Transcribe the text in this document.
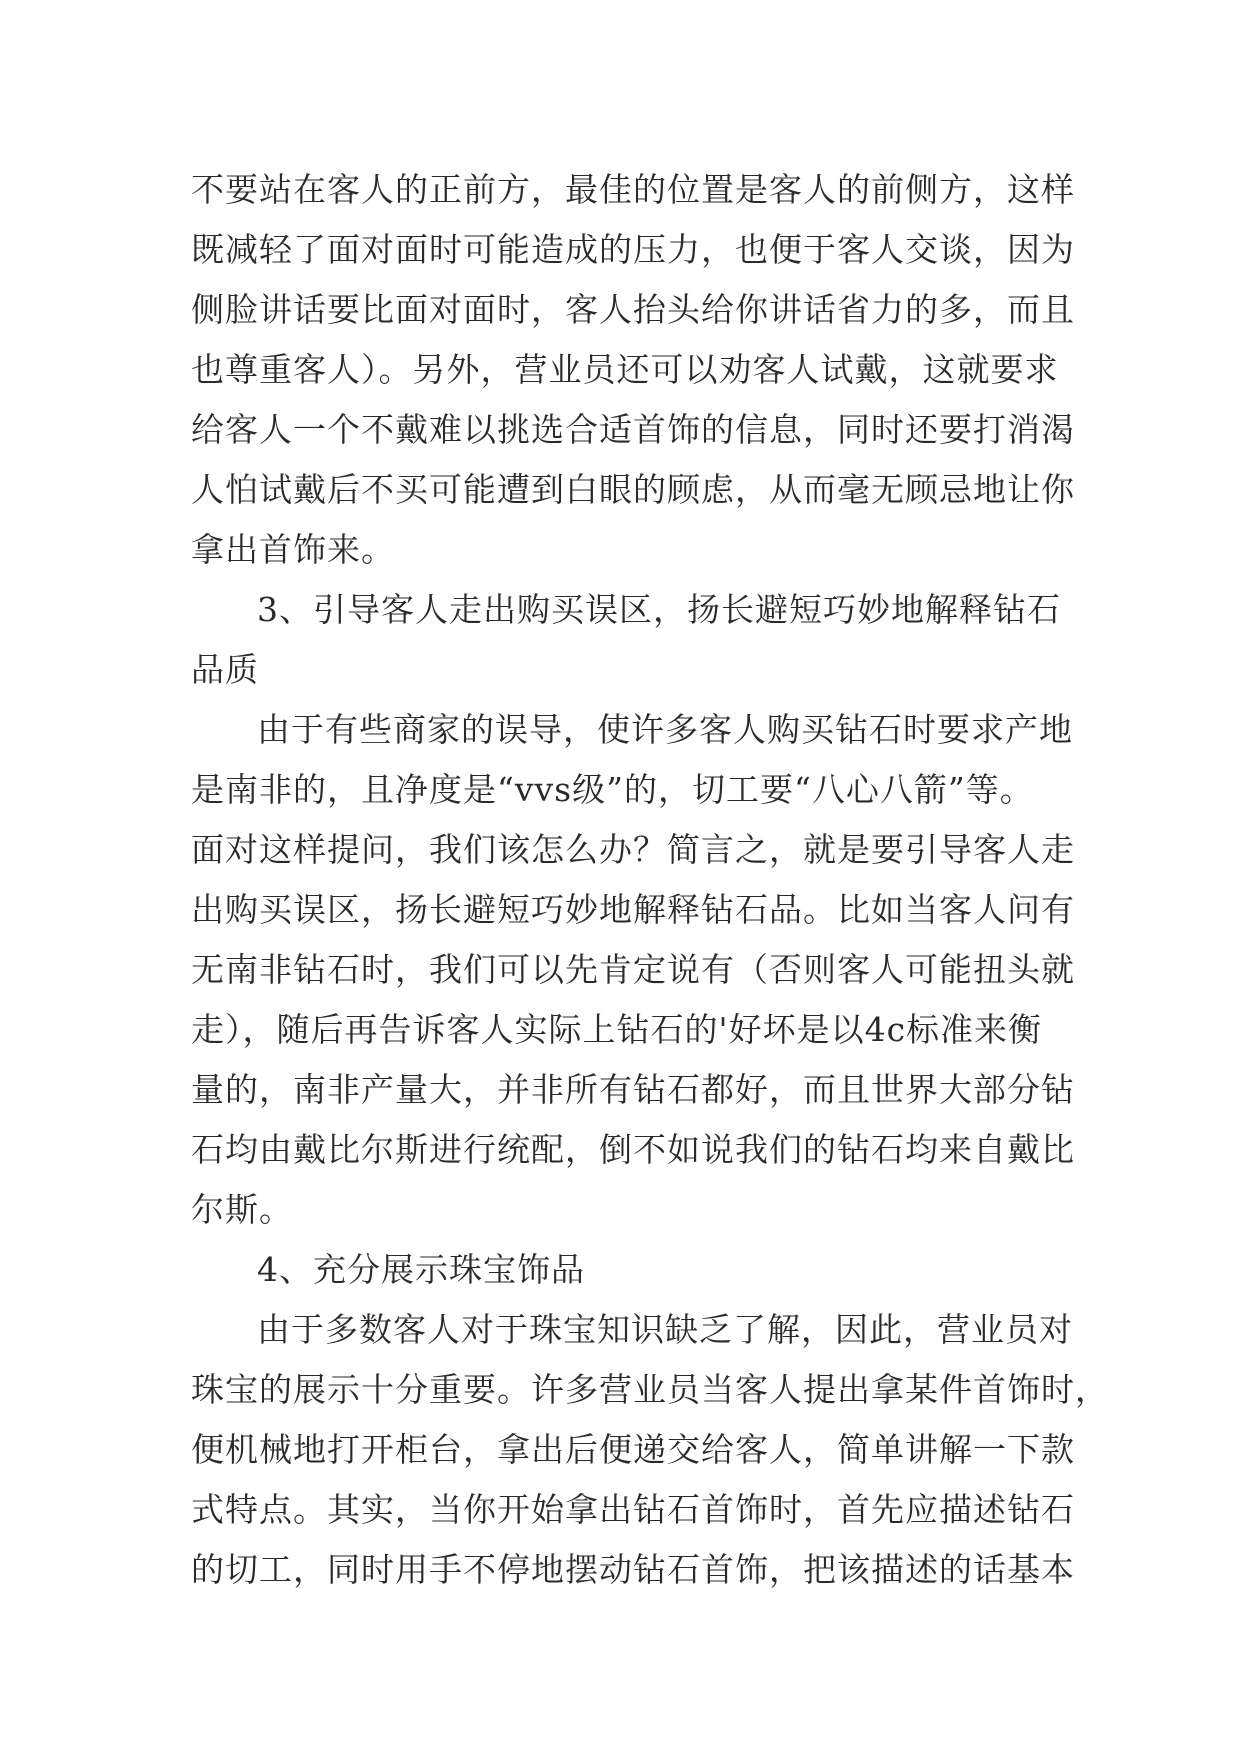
不要站在客人的正前方，最佳的位置是客人的前侧方，这样
既减轻了面对面时可能造成的压力，也便于客人交谈，因为
侧脸讲话要比面对面时，客人抬头给你讲话省力的多，而且
也尊重客人）。另外，营业员还可以劝客人试戴，这就要求
给客人一个不戴难以挑选合适首饰的信息，同时还要打消渴
人怕试戴后不买可能遭到白眼的顾虑，从而毫无顾忌地让你
拿出首饰来。
3、引导客人走出购买误区，扬长避短巧妙地解释钻石
品质
由于有些商家的误导，使许多客人购买钻石时要求产地
是南非的，且净度是“vvs级”的，切工要“八心八箭”等。
面对这样提问，我们该怎么办？简言之，就是要引导客人走
出购买误区，扬长避短巧妙地解释钻石品。比如当客人问有
无南非钻石时，我们可以先肯定说有（否则客人可能扭头就
走），随后再告诉客人实际上钻石的'好坏是以4c标准来衡
量的，南非产量大，并非所有钻石都好，而且世界大部分钻
石均由戴比尔斯进行统配，倒不如说我们的钻石均来自戴比
尔斯。
4、充分展示珠宝饰品
由于多数客人对于珠宝知识缺乏了解，因此，营业员对
珠宝的展示十分重要。许多营业员当客人提出拿某件首饰时，
便机械地打开柜台，拿出后便递交给客人，简单讲解一下款
式特点。其实，当你开始拿出钻石首饰时，首先应描述钻石
的切工，同时用手不停地摆动钻石首饰，把该描述的话基本
